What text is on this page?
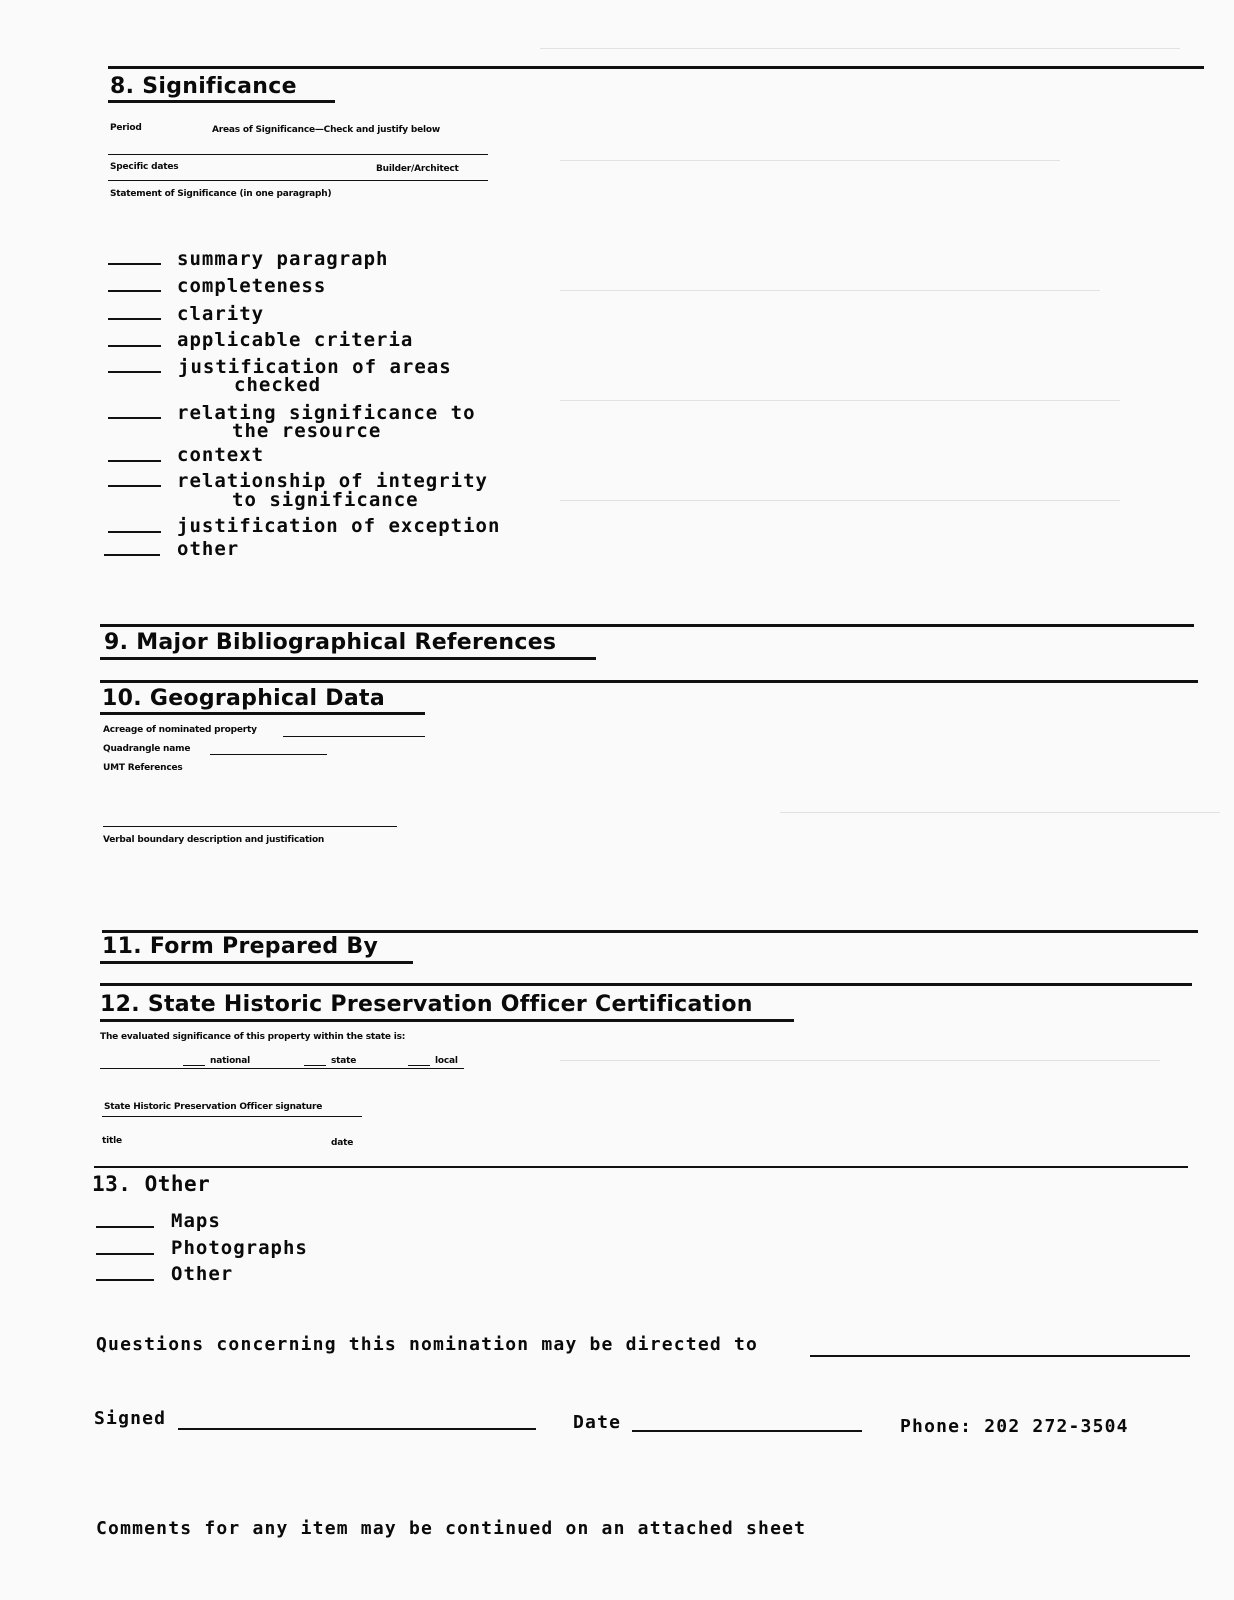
8. Significance
Period	Areas of Significance—Check and justify below
Specific dates	Builder/Architect
Statement of Significance (in one paragraph)
summary paragraph
completeness
clarity
applicable criteria
justification of areas
checked
relating significance to
the resource
context
relationship of integrity
to significance
justification of exception
other
9. Major Bibliographical References
10. Geographical Data
Acreage of nominated property
Quadrangle name
UMT References
Verbal boundary description and justification
11. Form Prepared By
12. State Historic Preservation Officer Certification
The evaluated significance of this property within the state is:
national	state	local
State Historic Preservation Officer signature
title	date
13. Other
Maps
Photographs
Other
Questions concerning this nomination may be directed to
Signed	Date	Phone: 202 272-3504
Comments for any item may be continued on an attached sheet
